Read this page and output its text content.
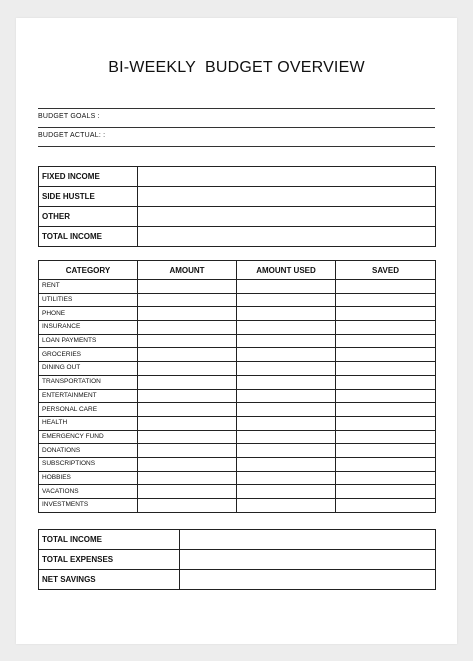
BI-WEEKLY  BUDGET OVERVIEW
BUDGET GOALS :
BUDGET ACTUAL: :
FIXED INCOME	
SIDE HUSTLE	
OTHER	
TOTAL INCOME	
CATEGORY	AMOUNT	AMOUNT USED	SAVED
RENT			
UTILITIES			
PHONE			
INSURANCE			
LOAN PAYMENTS			
GROCERIES			
DINING OUT			
TRANSPORTATION			
ENTERTAINMENT			
PERSONAL CARE			
HEALTH			
EMERGENCY FUND			
DONATIONS			
SUBSCRIPTIONS			
HOBBIES			
VACATIONS			
INVESTMENTS			
TOTAL INCOME	
TOTAL EXPENSES	
NET SAVINGS	
